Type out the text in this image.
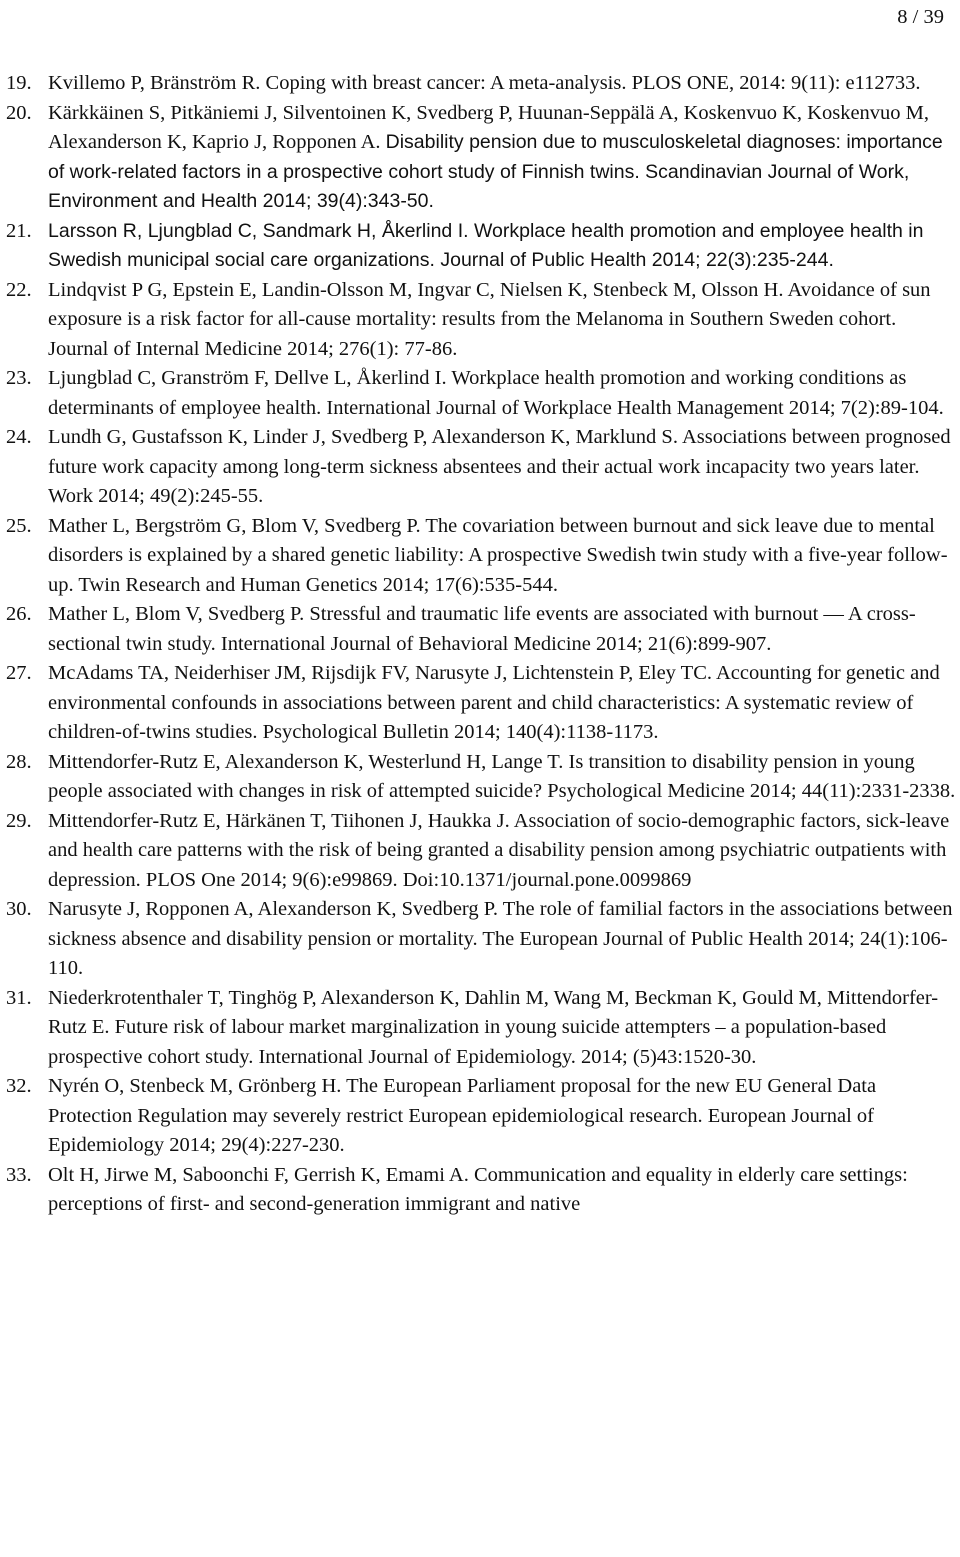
8 / 39
19. Kvillemo P, Bränström R. Coping with breast cancer: A meta-analysis. PLOS ONE, 2014: 9(11): e112733.
20. Kärkkäinen S, Pitkäniemi J, Silventoinen K, Svedberg P, Huunan-Seppälä A, Koskenvuo K, Koskenvuo M, Alexanderson K, Kaprio J, Ropponen A. Disability pension due to musculoskeletal diagnoses: importance of work-related factors in a prospective cohort study of Finnish twins. Scandinavian Journal of Work, Environment and Health 2014; 39(4):343-50.
21. Larsson R, Ljungblad C, Sandmark H, Åkerlind I. Workplace health promotion and employee health in Swedish municipal social care organizations. Journal of Public Health 2014; 22(3):235-244.
22. Lindqvist P G, Epstein E, Landin-Olsson M, Ingvar C, Nielsen K, Stenbeck M, Olsson H. Avoidance of sun exposure is a risk factor for all-cause mortality: results from the Melanoma in Southern Sweden cohort. Journal of Internal Medicine 2014; 276(1): 77-86.
23. Ljungblad C, Granström F, Dellve L, Åkerlind I. Workplace health promotion and working conditions as determinants of employee health. International Journal of Workplace Health Management 2014; 7(2):89-104.
24. Lundh G, Gustafsson K, Linder J, Svedberg P, Alexanderson K, Marklund S. Associations between prognosed future work capacity among long-term sickness absentees and their actual work incapacity two years later. Work 2014; 49(2):245-55.
25. Mather L, Bergström G, Blom V, Svedberg P. The covariation between burnout and sick leave due to mental disorders is explained by a shared genetic liability: A prospective Swedish twin study with a five-year follow-up. Twin Research and Human Genetics 2014; 17(6):535-544.
26. Mather L, Blom V, Svedberg P. Stressful and traumatic life events are associated with burnout — A cross-sectional twin study. International Journal of Behavioral Medicine 2014; 21(6):899-907.
27. McAdams TA, Neiderhiser JM, Rijsdijk FV, Narusyte J, Lichtenstein P, Eley TC. Accounting for genetic and environmental confounds in associations between parent and child characteristics: A systematic review of children-of-twins studies. Psychological Bulletin 2014; 140(4):1138-1173.
28. Mittendorfer-Rutz E, Alexanderson K, Westerlund H, Lange T. Is transition to disability pension in young people associated with changes in risk of attempted suicide? Psychological Medicine 2014; 44(11):2331-2338.
29. Mittendorfer-Rutz E, Härkänen T, Tiihonen J, Haukka J. Association of socio-demographic factors, sick-leave and health care patterns with the risk of being granted a disability pension among psychiatric outpatients with depression. PLOS One 2014; 9(6):e99869. Doi:10.1371/journal.pone.0099869
30. Narusyte J, Ropponen A, Alexanderson K, Svedberg P. The role of familial factors in the associations between sickness absence and disability pension or mortality. The European Journal of Public Health 2014; 24(1):106-110.
31. Niederkrotenthaler T, Tinghög P, Alexanderson K, Dahlin M, Wang M, Beckman K, Gould M, Mittendorfer-Rutz E. Future risk of labour market marginalization in young suicide attempters – a population-based prospective cohort study. International Journal of Epidemiology. 2014; (5)43:1520-30.
32. Nyrén O, Stenbeck M, Grönberg H. The European Parliament proposal for the new EU General Data Protection Regulation may severely restrict European epidemiological research. European Journal of Epidemiology 2014; 29(4):227-230.
33. Olt H, Jirwe M, Saboonchi F, Gerrish K, Emami A. Communication and equality in elderly care settings: perceptions of first- and second-generation immigrant and native
